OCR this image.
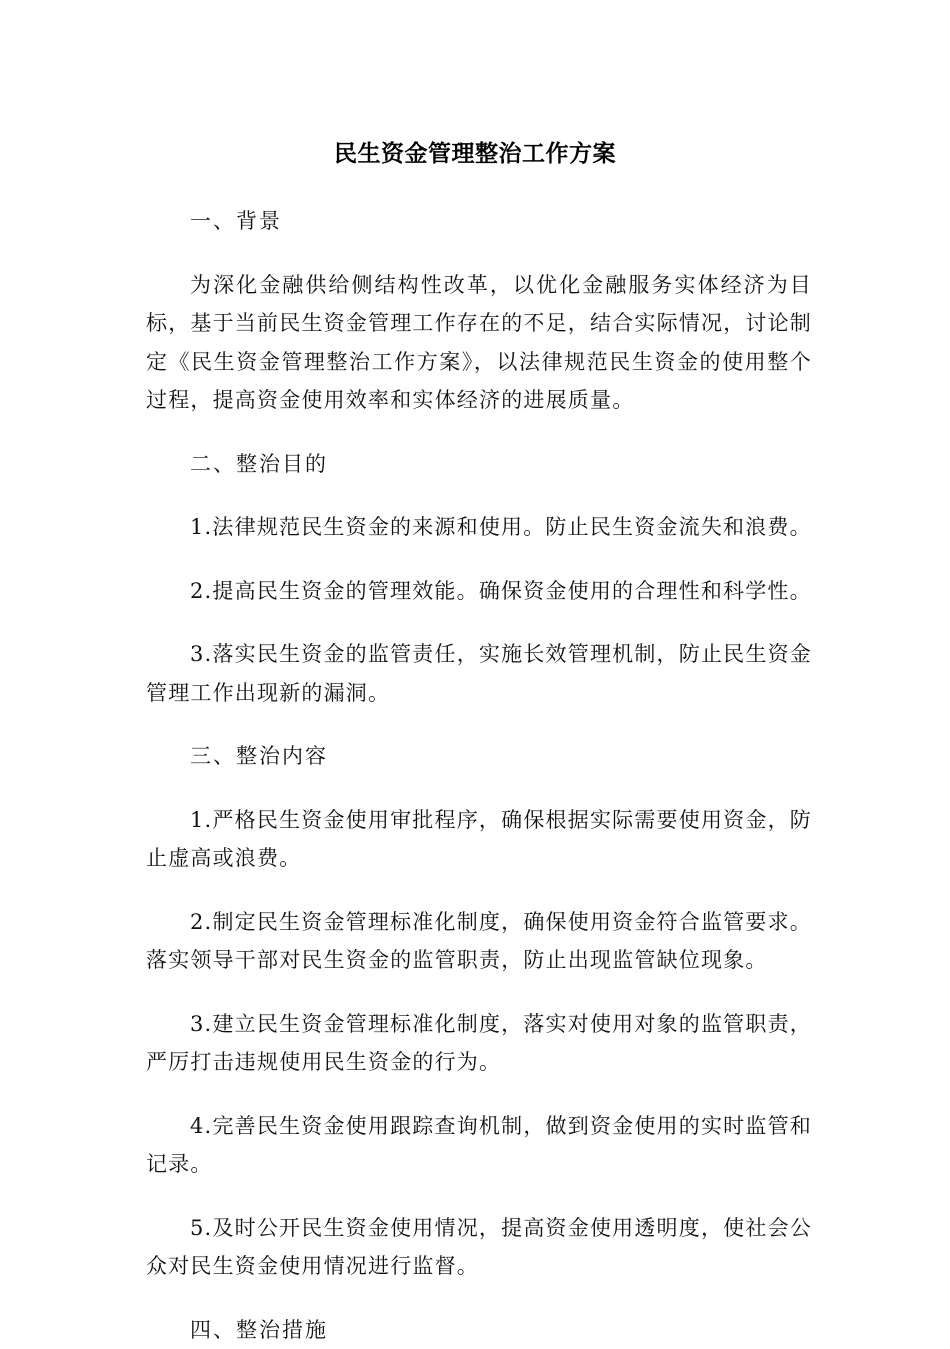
民生资金管理整治工作方案

一、背景

为深化金融供给侧结构性改革，以优化金融服务实体经济为目标，基于当前民生资金管理工作存在的不足，结合实际情况，讨论制定《民生资金管理整治工作方案》，以法律规范民生资金的使用整个过程，提高资金使用效率和实体经济的进展质量。

二、整治目的

1.法律规范民生资金的来源和使用。防止民生资金流失和浪费。

2.提高民生资金的管理效能。确保资金使用的合理性和科学性。

3.落实民生资金的监管责任，实施长效管理机制，防止民生资金管理工作出现新的漏洞。

三、整治内容

1.严格民生资金使用审批程序，确保根据实际需要使用资金，防止虚高或浪费。

2.制定民生资金管理标准化制度，确保使用资金符合监管要求。落实领导干部对民生资金的监管职责，防止出现监管缺位现象。

3.建立民生资金管理标准化制度，落实对使用对象的监管职责，严厉打击违规使用民生资金的行为。

4.完善民生资金使用跟踪查询机制，做到资金使用的实时监管和记录。

5.及时公开民生资金使用情况，提高资金使用透明度，使社会公众对民生资金使用情况进行监督。

四、整治措施
